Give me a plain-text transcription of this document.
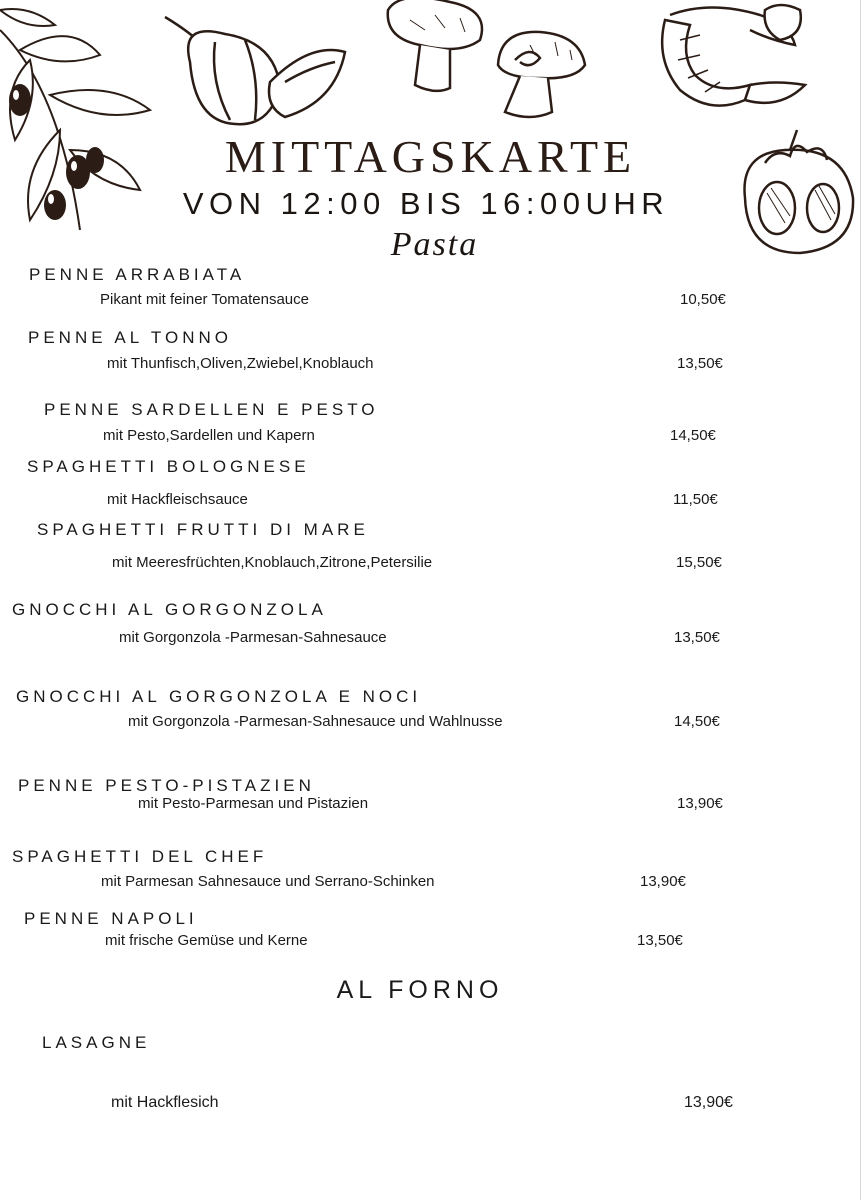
MITTAGSKARTE
VON 12:00 BIS 16:00UHR
Pasta
PENNE ARRABIATA
Pikant mit feiner Tomatensauce	10,50€
PENNE AL TONNO
mit Thunfisch,Oliven,Zwiebel,Knoblauch	13,50€
PENNE SARDELLEN E PESTO
mit Pesto,Sardellen und Kapern	14,50€
SPAGHETTI BOLOGNESE
mit Hackfleischsauce	11,50€
SPAGHETTI FRUTTI DI MARE
mit Meeresfrüchten,Knoblauch,Zitrone,Petersilie	15,50€
GNOCCHI AL GORGONZOLA
mit Gorgonzola -Parmesan-Sahnesauce	13,50€
GNOCCHI AL GORGONZOLA E NOCI
mit Gorgonzola -Parmesan-Sahnesauce und Wahlnusse	14,50€
PENNE PESTO-PISTAZIEN
mit Pesto-Parmesan und Pistazien	13,90€
SPAGHETTI DEL CHEF
mit Parmesan Sahnesauce und Serrano-Schinken	13,90€
PENNE NAPOLI
mit frische Gemüse und Kerne	13,50€
AL FORNO
LASAGNE
mit Hackflesich	13,90€
